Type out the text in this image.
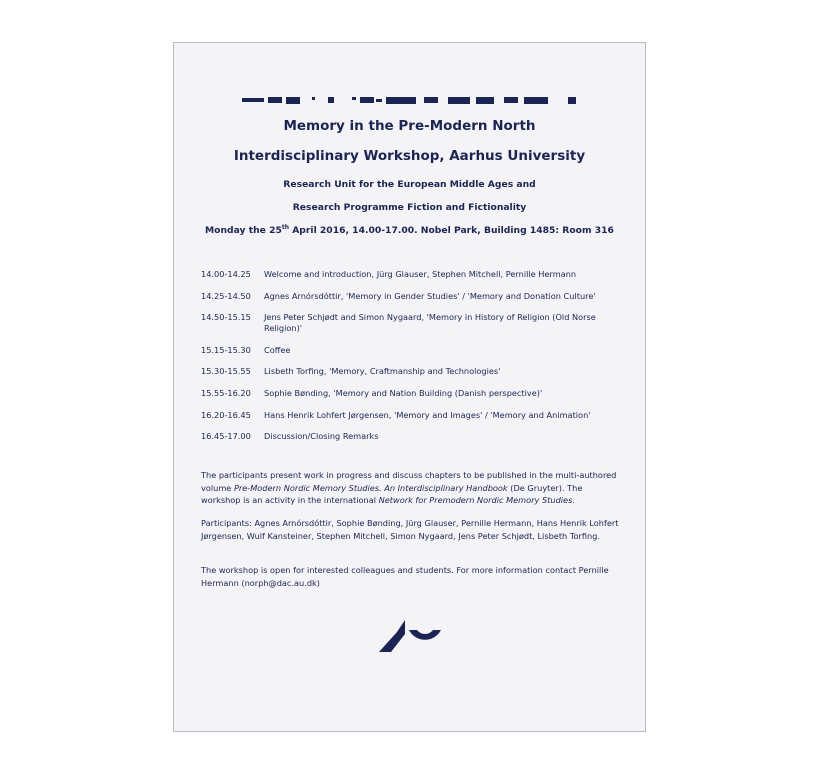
Memory in the Pre-Modern North
Interdisciplinary Workshop, Aarhus University
Research Unit for the European Middle Ages and
Research Programme Fiction and Fictionality
Monday the 25th April 2016, 14.00-17.00. Nobel Park, Building 1485: Room 316
14.00-14.25	Welcome and introduction, Jürg Glauser, Stephen Mitchell, Pernille Hermann
14.25-14.50	Agnes Arnórsdóttir, 'Memory in Gender Studies' / 'Memory and Donation Culture'
14.50-15.15	Jens Peter Schjødt and Simon Nygaard, 'Memory in History of Religion (Old Norse Religion)'
15.15-15.30	Coffee
15.30-15.55	Lisbeth Torfing, 'Memory, Craftmanship and Technologies'
15.55-16.20	Sophie Bønding, 'Memory and Nation Building (Danish perspective)'
16.20-16.45	Hans Henrik Lohfert Jørgensen, 'Memory and Images' / 'Memory and Animation'
16.45-17.00	Discussion/Closing Remarks
The participants present work in progress and discuss chapters to be published in the multi-authored volume Pre-Modern Nordic Memory Studies. An Interdisciplinary Handbook (De Gruyter). The workshop is an activity in the international Network for Premodern Nordic Memory Studies.
Participants: Agnes Arnórsdóttir, Sophie Bønding, Jürg Glauser, Pernille Hermann, Hans Henrik Lohfert Jørgensen, Wulf Kansteiner, Stephen Mitchell, Simon Nygaard, Jens Peter Schjødt, Lisbeth Torfing.
The workshop is open for interested colleagues and students. For more information contact Pernille Hermann (norph@dac.au.dk)
